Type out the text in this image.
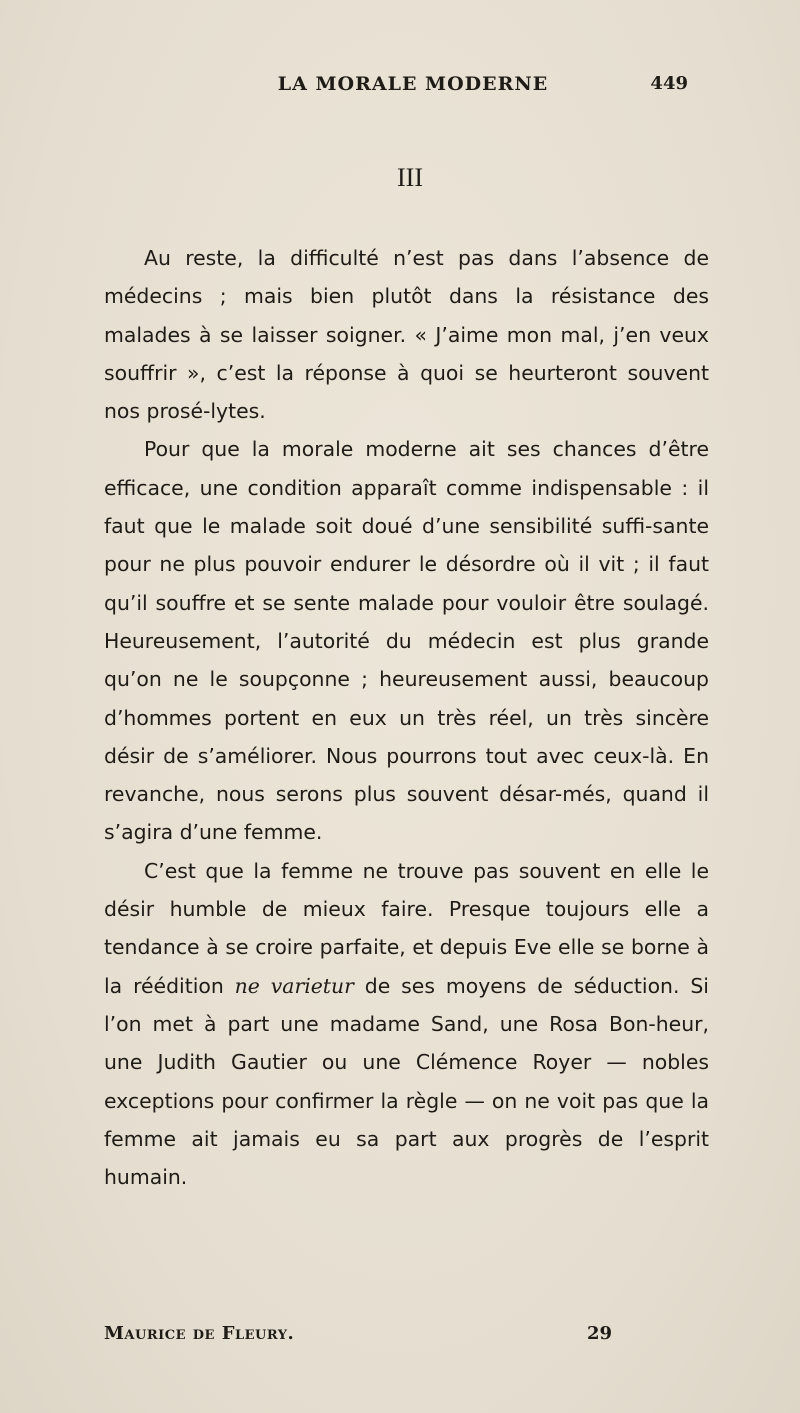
LA MORALE MODERNE	449
III

Au reste, la difficulté n’est pas dans l’absence de médecins ; mais bien plutôt dans la résistance des malades à se laisser soigner. « J’aime mon mal, j’en veux souffrir », c’est la réponse à quoi se heurteront souvent nos prosé-lytes.

Pour que la morale moderne ait ses chances d’être efficace, une condition apparaît comme indispensable : il faut que le malade soit doué d’une sensibilité suffi-sante pour ne plus pouvoir endurer le désordre où il vit ; il faut qu’il souffre et se sente malade pour vouloir être soulagé. Heureusement, l’autorité du médecin est plus grande qu’on ne le soupçonne ; heureusement aussi, beaucoup d’hommes portent en eux un très réel, un très sincère désir de s’améliorer. Nous pourrons tout avec ceux-là. En revanche, nous serons plus souvent désar-més, quand il s’agira d’une femme.

C’est que la femme ne trouve pas souvent en elle le désir humble de mieux faire. Presque toujours elle a tendance à se croire parfaite, et depuis Eve elle se borne à la réédition ne varietur de ses moyens de séduction. Si l’on met à part une madame Sand, une Rosa Bon-heur, une Judith Gautier ou une Clémence Royer — nobles exceptions pour confirmer la règle — on ne voit pas que la femme ait jamais eu sa part aux progrès de l’esprit humain.

Maurice de Fleury.	29
